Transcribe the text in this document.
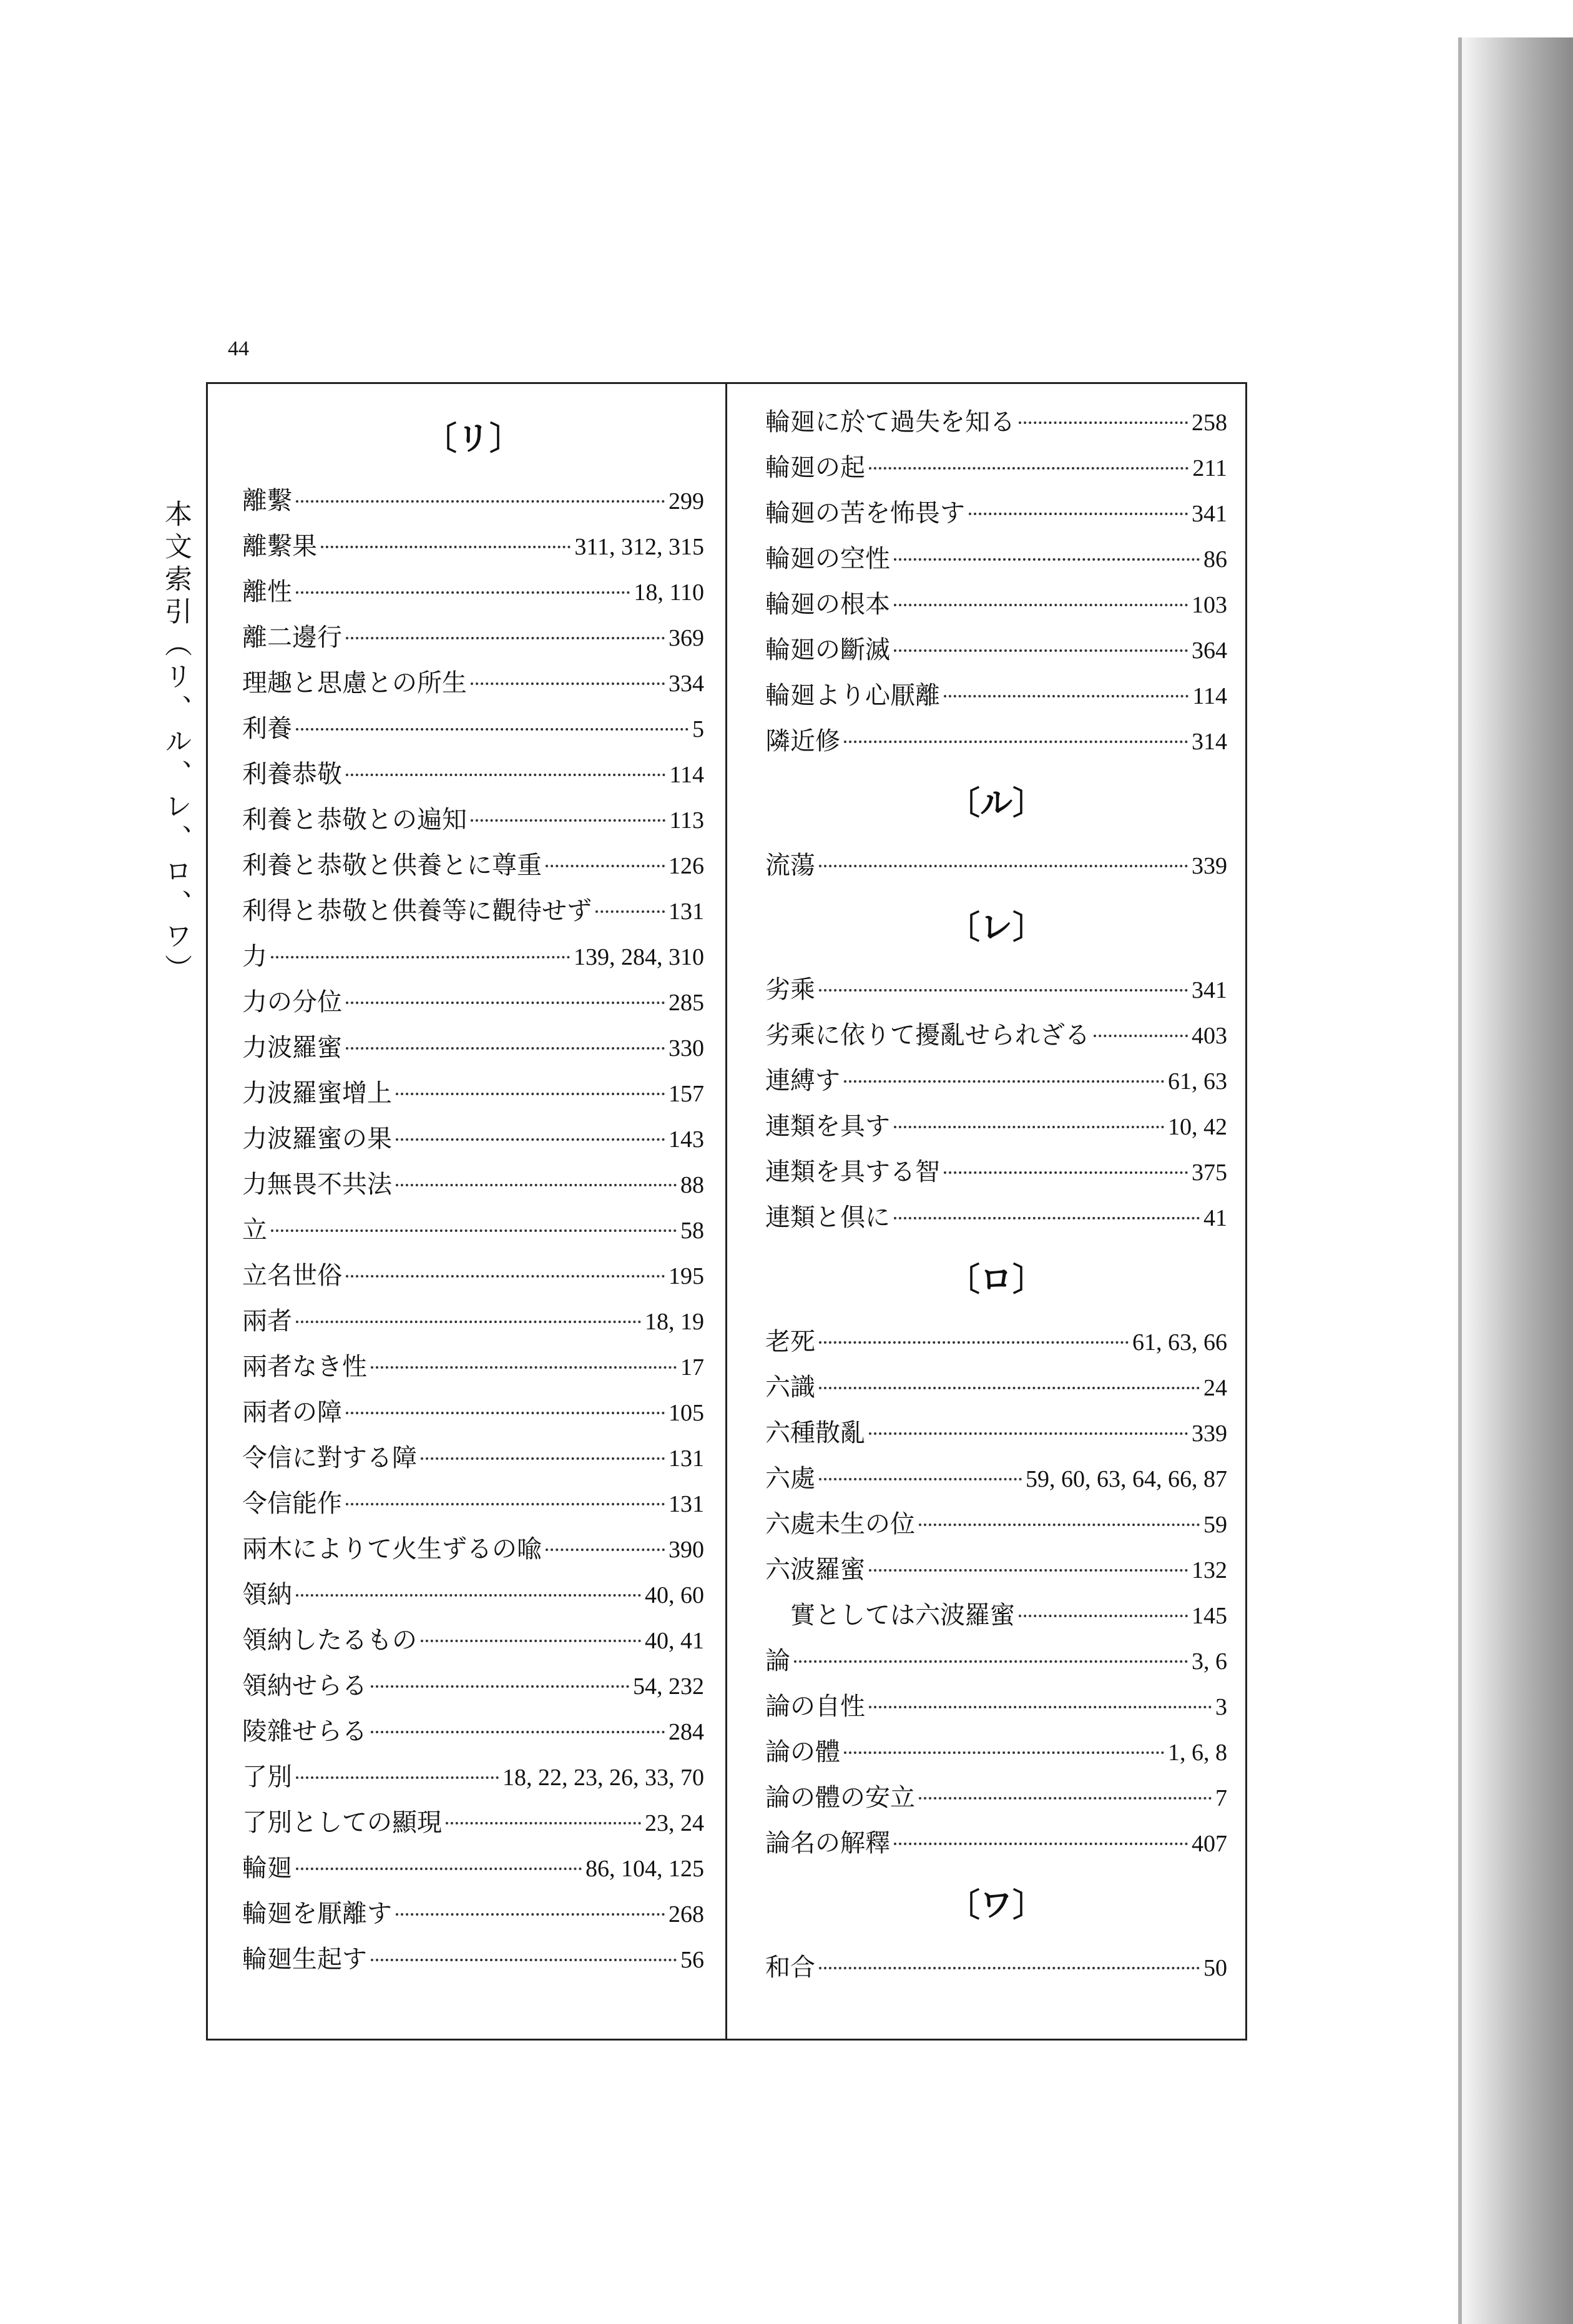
44
本文索引（リ、ル、レ、ロ、ワ）
〔リ〕
離繫	299
離繫果	311, 312, 315
離性	18, 110
離二邊行	369
理趣と思慮との所生	334
利養	5
利養恭敬	114
利養と恭敬との遍知	113
利養と恭敬と供養とに尊重	126
利得と恭敬と供養等に觀待せず	131
力	139, 284, 310
力の分位	285
力波羅蜜	330
力波羅蜜增上	157
力波羅蜜の果	143
力無畏不共法	88
立	58
立名世俗	195
兩者	18, 19
兩者なき性	17
兩者の障	105
令信に對する障	131
令信能作	131
兩木によりて火生ずるの喩	390
領納	40, 60
領納したるもの	40, 41
領納せらる	54, 232
陵雜せらる	284
了別	18, 22, 23, 26, 33, 70
了別としての顯現	23, 24
輪廻	86, 104, 125
輪廻を厭離す	268
輪廻生起す	56
輪廻に於て過失を知る	258
輪廻の起	211
輪廻の苦を怖畏す	341
輪廻の空性	86
輪廻の根本	103
輪廻の斷滅	364
輪廻より心厭離	114
隣近修	314
〔ル〕
流蕩	339
〔レ〕
劣乘	341
劣乘に依りて擾亂せられざる	403
連縛す	61, 63
連類を具す	10, 42
連類を具する智	375
連類と倶に	41
〔ロ〕
老死	61, 63, 66
六識	24
六種散亂	339
六處	59, 60, 63, 64, 66, 87
六處未生の位	59
六波羅蜜	132
實としては六波羅蜜	145
論	3, 6
論の自性	3
論の體	1, 6, 8
論の體の安立	7
論名の解釋	407
〔ワ〕
和合	50
